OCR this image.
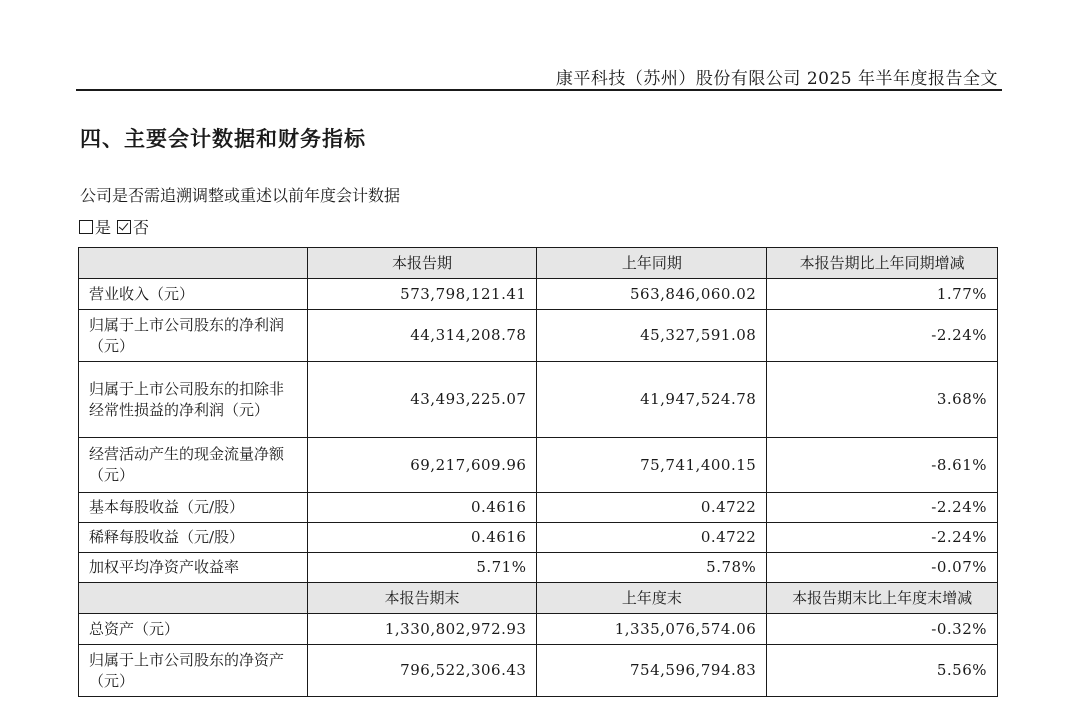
康平科技（苏州）股份有限公司 2025 年半年度报告全文
四、主要会计数据和财务指标
公司是否需追溯调整或重述以前年度会计数据
是 否
	本报告期	上年同期	本报告期比上年同期增减
营业收入（元）	573,798,121.41	563,846,060.02	1.77%
归属于上市公司股东的净利润（元）	44,314,208.78	45,327,591.08	-2.24%
归属于上市公司股东的扣除非经常性损益的净利润（元）	43,493,225.07	41,947,524.78	3.68%
经营活动产生的现金流量净额（元）	69,217,609.96	75,741,400.15	-8.61%
基本每股收益（元/股）	0.4616	0.4722	-2.24%
稀释每股收益（元/股）	0.4616	0.4722	-2.24%
加权平均净资产收益率	5.71%	5.78%	-0.07%
	本报告期末	上年度末	本报告期末比上年度末增减
总资产（元）	1,330,802,972.93	1,335,076,574.06	-0.32%
归属于上市公司股东的净资产（元）	796,522,306.43	754,596,794.83	5.56%
